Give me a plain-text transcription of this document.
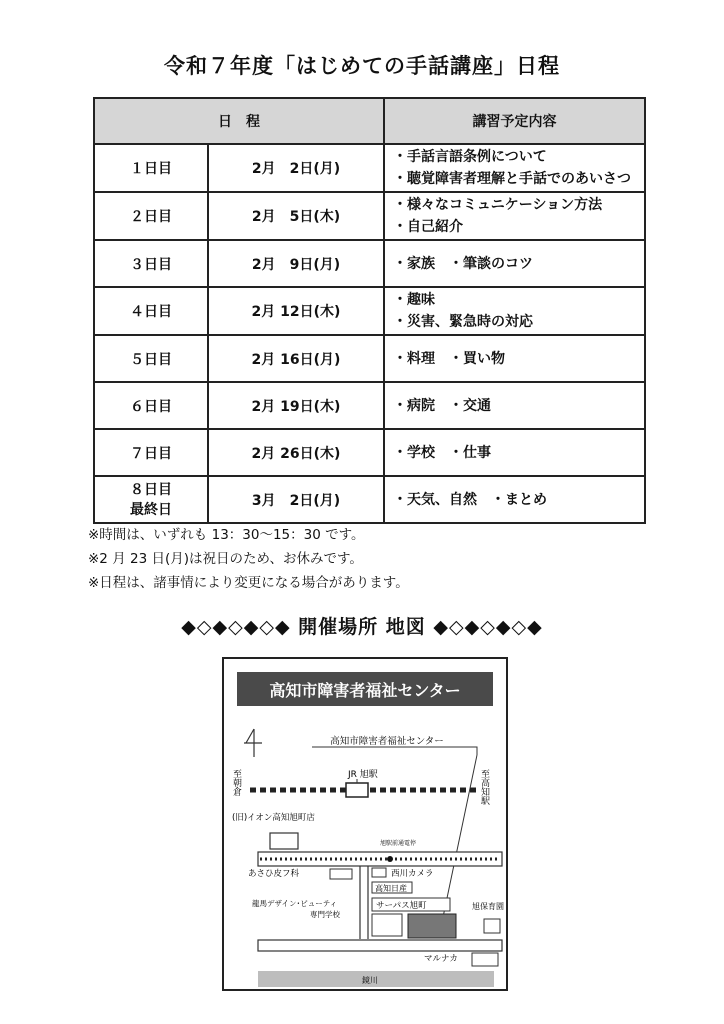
令和７年度「はじめての手話講座」日程
日　程		講習予定内容
１日目	2月　2日(月)	・手話言語条例について
・聴覚障害者理解と手話でのあいさつ

２日目	2月　5日(木)	・様々なコミュニケーション方法
・自己紹介

３日目	2月　9日(月)	・家族　・筆談のコツ

４日目	2月 12日(木)	・趣味
・災害、緊急時の対応

５日目	2月 16日(月)	・料理　・買い物

６日目	2月 19日(木)	・病院　・交通

７日目	2月 26日(木)	・学校　・仕事

８日目
最終日	3月　2日(月)	・天気、自然　・まとめ
※時間は、いずれも 13：30～15：30 です。
※2 月 23 日(月)は祝日のため、お休みです。
※日程は、諸事情により変更になる場合があります。
◆◇◆◇◆◇◆ 開催場所 地図 ◆◇◆◇◆◇◆
高知市障害者福祉センター
高知市障害者福祉センター
JR 旭駅
至朝倉	至高知駅
(旧)イオン高知旭町店
旭駅前通電停
あさひ皮フ科	西川カメラ
高知日産
サーパス旭町
龍馬デザイン･ビューティ
専門学校
旭保育園
マルナカ
鏡川
